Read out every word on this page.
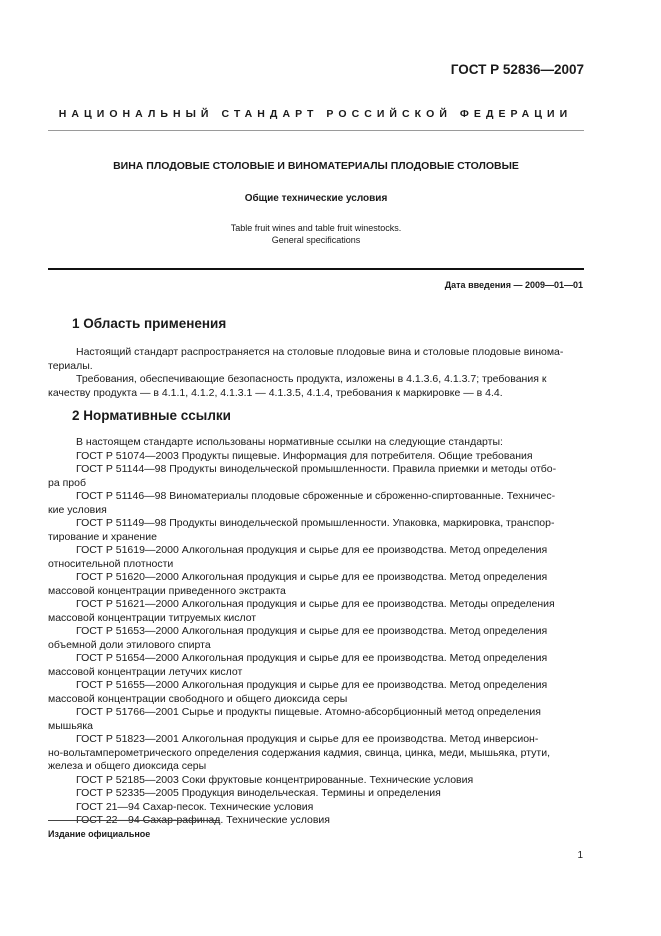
ГОСТ Р 52836—2007
НАЦИОНАЛЬНЫЙ СТАНДАРТ РОССИЙСКОЙ ФЕДЕРАЦИИ
ВИНА ПЛОДОВЫЕ СТОЛОВЫЕ И ВИНОМАТЕРИАЛЫ ПЛОДОВЫЕ СТОЛОВЫЕ
Общие технические условия
Table fruit wines and table fruit winestocks.
General specifications
Дата введения — 2009—01—01
1 Область применения
Настоящий стандарт распространяется на столовые плодовые вина и столовые плодовые винома-
териалы.
Требования, обеспечивающие безопасность продукта, изложены в 4.1.3.6, 4.1.3.7; требования к
качеству продукта — в 4.1.1, 4.1.2, 4.1.3.1 — 4.1.3.5, 4.1.4, требования к маркировке — в 4.4.
2 Нормативные ссылки
В настоящем стандарте использованы нормативные ссылки на следующие стандарты:
ГОСТ Р 51074—2003 Продукты пищевые. Информация для потребителя. Общие требования
ГОСТ Р 51144—98 Продукты винодельческой промышленности. Правила приемки и методы отбо-
ра проб
ГОСТ Р 51146—98 Виноматериалы плодовые сброженные и сброженно-спиртованные. Техничес-
кие условия
ГОСТ Р 51149—98 Продукты винодельческой промышленности. Упаковка, маркировка, транспор-
тирование и хранение
ГОСТ Р 51619—2000 Алкогольная продукция и сырье для ее производства. Метод определения
относительной плотности
ГОСТ Р 51620—2000 Алкогольная продукция и сырье для ее производства. Метод определения
массовой концентрации приведенного экстракта
ГОСТ Р 51621—2000 Алкогольная продукция и сырье для ее производства. Методы определения
массовой концентрации титруемых кислот
ГОСТ Р 51653—2000 Алкогольная продукция и сырье для ее производства. Метод определения
объемной доли этилового спирта
ГОСТ Р 51654—2000 Алкогольная продукция и сырье для ее производства. Метод определения
массовой концентрации летучих кислот
ГОСТ Р 51655—2000 Алкогольная продукция и сырье для ее производства. Метод определения
массовой концентрации свободного и общего диоксида серы
ГОСТ Р 51766—2001 Сырье и продукты пищевые. Атомно-абсорбционный метод определения
мышьяка
ГОСТ Р 51823—2001 Алкогольная продукция и сырье для ее производства. Метод инверсион-
но-вольтамперометрического определения содержания кадмия, свинца, цинка, меди, мышьяка, ртути,
железа и общего диоксида серы
ГОСТ Р 52185—2003 Соки фруктовые концентрированные. Технические условия
ГОСТ Р 52335—2005 Продукция винодельческая. Термины и определения
ГОСТ 21—94 Сахар-песок. Технические условия
ГОСТ 22—94 Сахар-рафинад. Технические условия
Издание официальное
1
